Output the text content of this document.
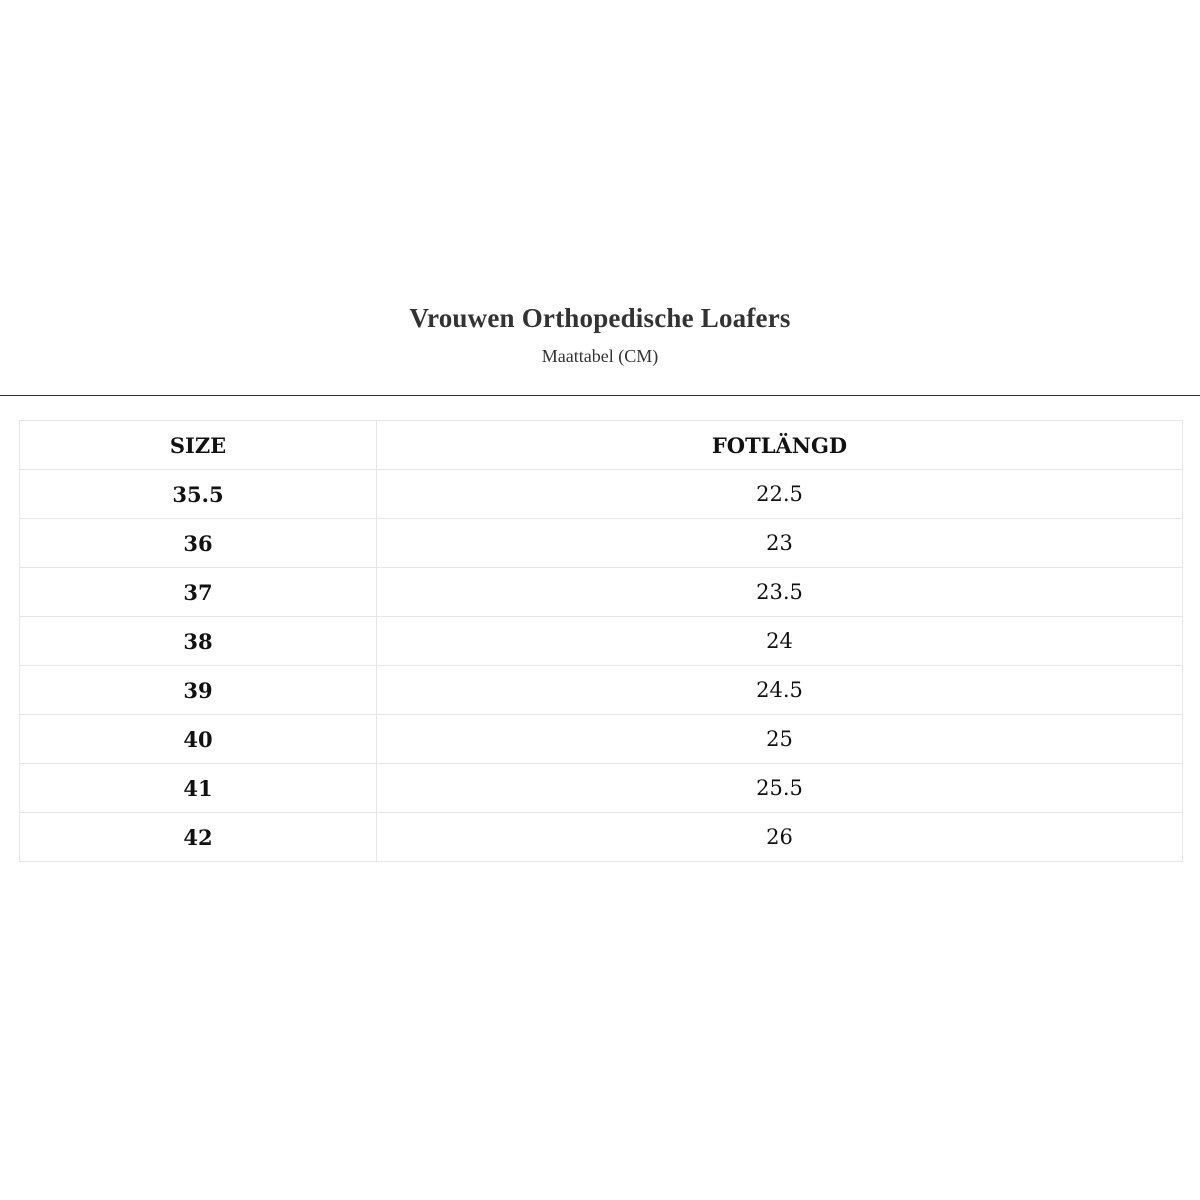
Vrouwen Orthopedische Loafers
Maattabel (CM)
SIZE	FOTLÄNGD
35.5	22.5
36	23
37	23.5
38	24
39	24.5
40	25
41	25.5
42	26
